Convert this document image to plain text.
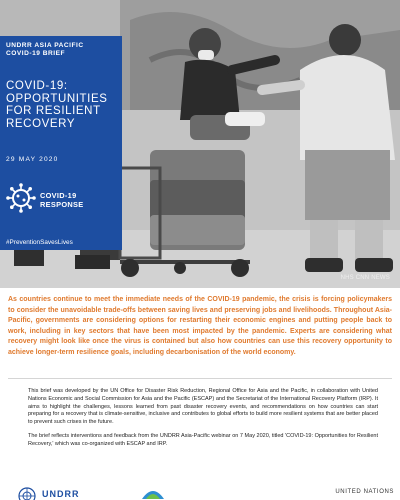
NHS CNN NEWS
UNDRR ASIA PACIFIC
COVID-19 BRIEF
COVID-19:
OPPORTUNITIES
FOR RESILIENT
RECOVERY
29 MAY 2020
COVID-19
RESPONSE
#PreventionSavesLives

As countries continue to meet the immediate needs of the COVID-19 pandemic, the crisis is forcing policymakers to consider the unavoidable trade-offs between saving lives and preserving jobs and livelihoods. Throughout Asia-Pacific, governments are considering options for restarting their economic engines and putting people back to work, including in key sectors that have been most impacted by the pandemic. Experts are considering what recovery might look like once the virus is contained but also how countries can use this recovery opportunity to achieve longer-term resilience goals, including decarbonisation of the world economy.

This brief was developed by the UN Office for Disaster Risk Reduction, Regional Office for Asia and the Pacific, in collaboration with United Nations Economic and Social Commission for Asia and the Pacific (ESCAP) and the Secretariat of the International Recovery Platform (IRP). It aims to highlight the challenges, lessons learned from past disaster recovery events, and recommendations on how countries can start preparing for a recovery that is climate-sensitive, inclusive and contributes to global efforts to build more resilient systems that are better placed to prevent such crises in the future.

The brief reflects interventions and feedback from the UNDRR Asia-Pacific webinar on 7 May 2020, titled 'COVID-19: Opportunities for Resilient Recovery,' which was co-organized with ESCAP and IRP.

UNDRR	UNITED NATIONS
